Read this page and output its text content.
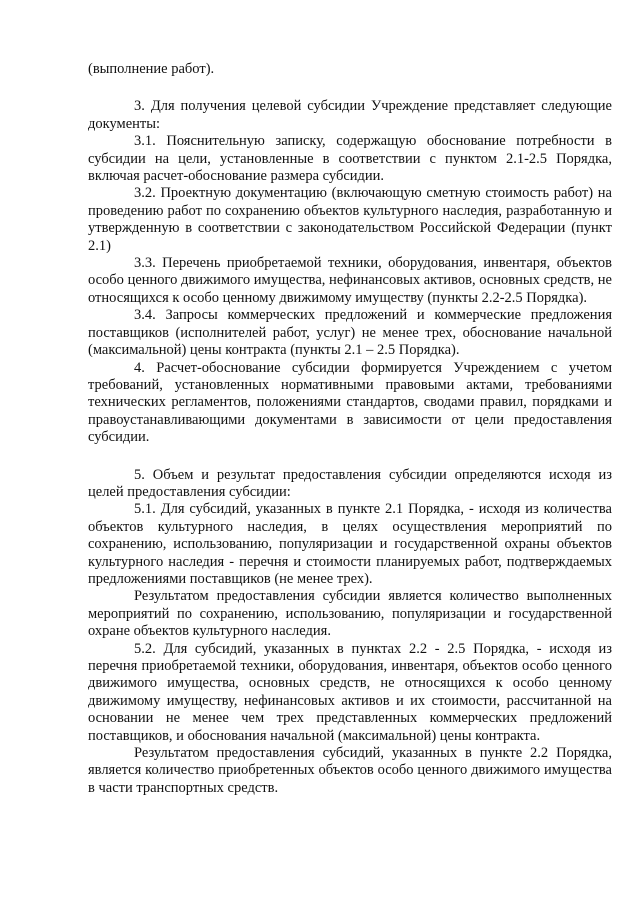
(выполнение работ).

3. Для получения целевой субсидии Учреждение представляет следующие документы:

3.1. Пояснительную записку, содержащую обоснование потребности в субсидии на цели, установленные в соответствии с пунктом 2.1-2.5 Порядка, включая расчет-обоснование размера субсидии.

3.2. Проектную документацию (включающую сметную стоимость работ) на проведению работ по сохранению объектов культурного наследия, разработанную и утвержденную в соответствии с законодательством Российской Федерации (пункт 2.1)

3.3. Перечень приобретаемой техники, оборудования, инвентаря, объектов особо ценного движимого имущества, нефинансовых активов, основных средств, не относящихся к особо ценному движимому имуществу (пункты 2.2-2.5 Порядка).

3.4. Запросы коммерческих предложений и коммерческие предложения поставщиков (исполнителей работ, услуг) не менее трех, обоснование начальной (максимальной) цены контракта (пункты 2.1 – 2.5 Порядка).

4. Расчет-обоснование субсидии формируется Учреждением с учетом требований, установленных нормативными правовыми актами, требованиями технических регламентов, положениями стандартов, сводами правил, порядками и правоустанавливающими документами в зависимости от цели предоставления субсидии.

5. Объем и результат предоставления субсидии определяются исходя из целей предоставления субсидии:

5.1. Для субсидий, указанных в пункте 2.1 Порядка, - исходя из количества объектов культурного наследия, в целях осуществления мероприятий по сохранению, использованию, популяризации и государственной охраны объектов культурного наследия - перечня и стоимости планируемых работ, подтверждаемых предложениями поставщиков (не менее трех).

Результатом предоставления субсидии является количество выполненных мероприятий по сохранению, использованию, популяризации и государственной охране объектов культурного наследия.

5.2. Для субсидий, указанных в пунктах 2.2 - 2.5 Порядка, - исходя из перечня приобретаемой техники, оборудования, инвентаря, объектов особо ценного движимого имущества, основных средств, не относящихся к особо ценному движимому имуществу, нефинансовых активов и их стоимости, рассчитанной на основании не менее чем трех представленных коммерческих предложений поставщиков, и обоснования начальной (максимальной) цены контракта.

Результатом предоставления субсидий, указанных в пункте 2.2 Порядка, является количество приобретенных объектов особо ценного движимого имущества в части транспортных средств.
